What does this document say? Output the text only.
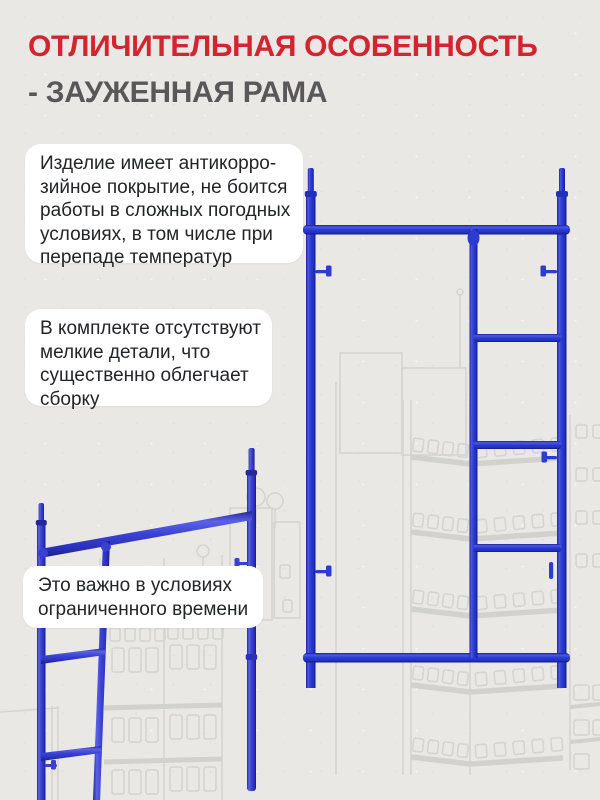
ОТЛИЧИТЕЛЬНАЯ ОСОБЕННОСТЬ
- ЗАУЖЕННАЯ РАМА
Изделие имеет антикорро-
зийное покрытие, не боится
работы в сложных погодных
условиях, в том числе при
перепаде температур
В комплекте отсутствуют
мелкие детали, что
существенно облегчает
сборку
Это важно в условиях
ограниченного времени
